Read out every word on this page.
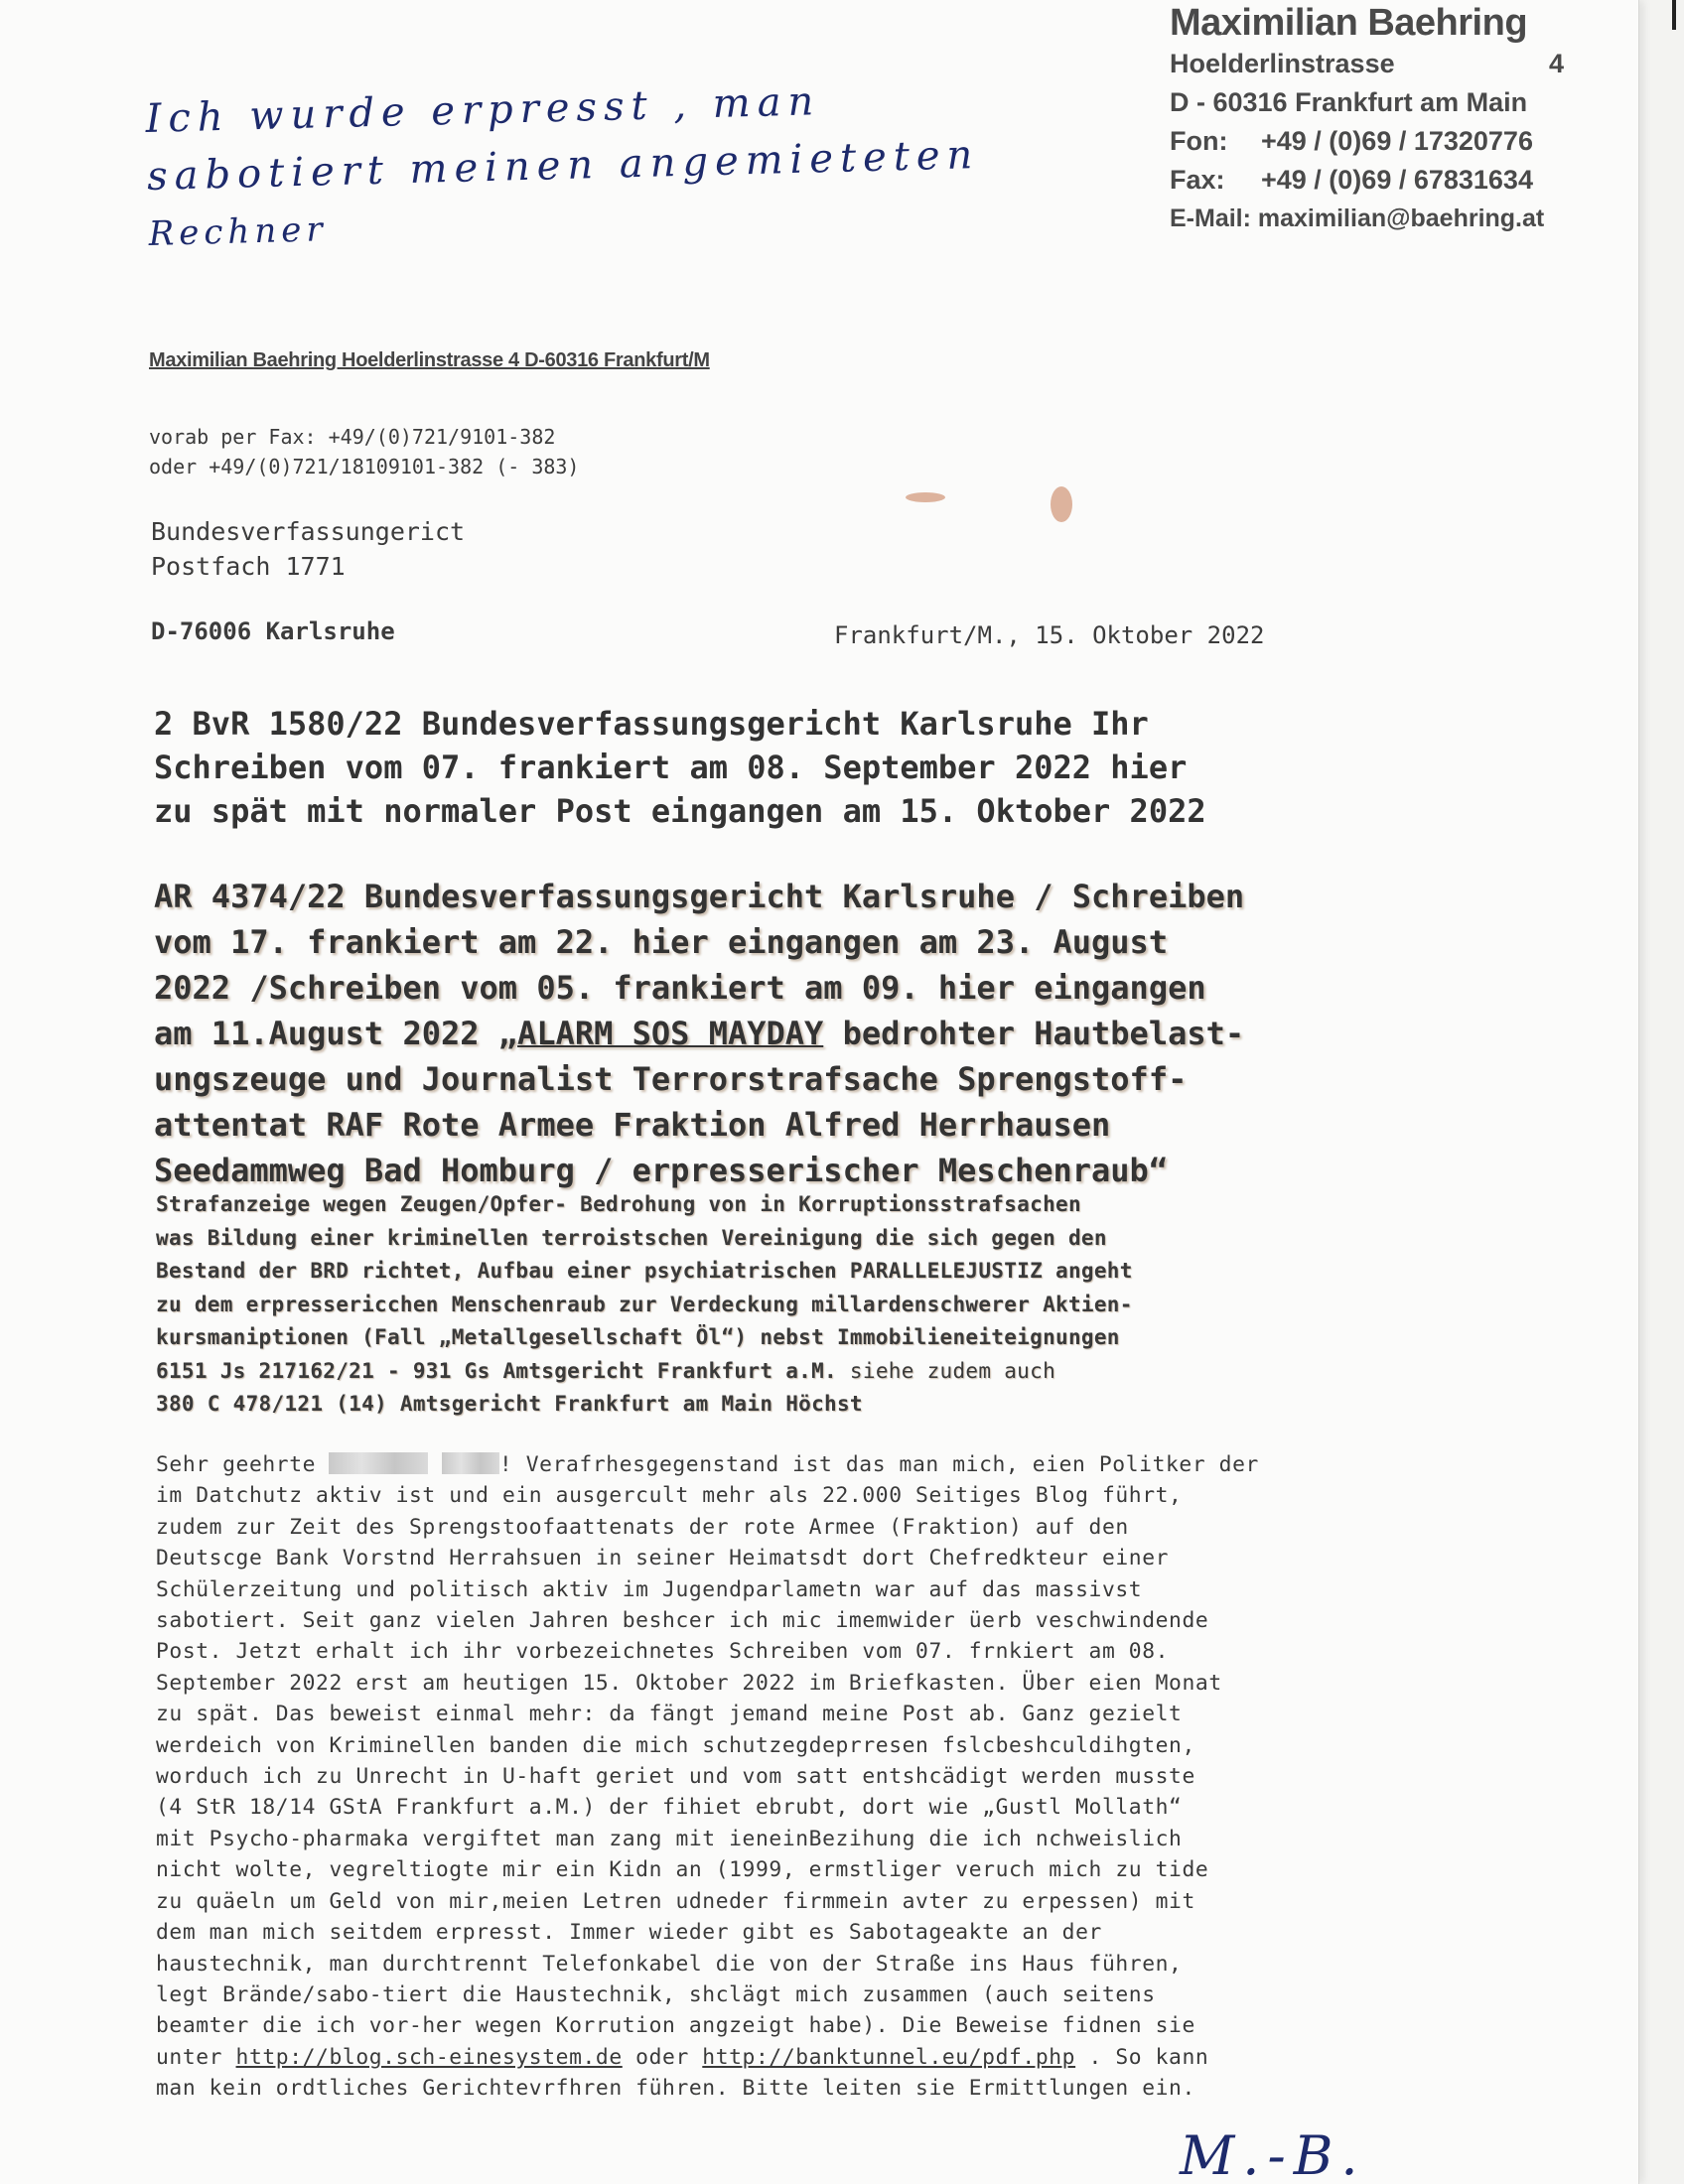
Ich wurde erpresst , man
sabotiert meinen angemieteten
Rechner
Maximilian Baehring
Hoelderlinstrasse	4
D - 60316 Frankfurt am Main
Fon: +49 / (0)69 / 17320776
Fax: +49 / (0)69 / 67831634
E-Mail: maximilian@baehring.at
Maximilian Baehring Hoelderlinstrasse 4 D-60316 Frankfurt/M
vorab per Fax: +49/(0)721/9101-382
oder +49/(0)721/18109101-382 (- 383)
Bundesverfassungerict
Postfach 1771
D-76006 Karlsruhe	Frankfurt/M., 15. Oktober 2022
2 BvR 1580/22 Bundesverfassungsgericht Karlsruhe Ihr
Schreiben vom 07. frankiert am 08. September 2022 hier
zu spät mit normaler Post eingangen am 15. Oktober 2022
AR 4374/22 Bundesverfassungsgericht Karlsruhe / Schreiben
vom 17. frankiert am 22. hier eingangen am 23. August
2022 /Schreiben vom 05. frankiert am 09. hier eingangen
am 11.August 2022 „ALARM SOS MAYDAY bedrohter Hautbelast-
ungszeuge und Journalist Terrorstrafsache Sprengstoff-
attentat RAF Rote Armee Fraktion Alfred Herrhausen
Seedammweg Bad Homburg / erpresserischer Meschenraub“
Strafanzeige wegen Zeugen/Opfer- Bedrohung von in Korruptionsstrafsachen
was Bildung einer kriminellen terroistschen Vereinigung die sich gegen den
Bestand der BRD richtet, Aufbau einer psychiatrischen PARALLELEJUSTIZ angeht
zu dem erpressericchen Menschenraub zur Verdeckung millardenschwerer Aktien-
kursmaniptionen (Fall „Metallgesellschaft Öl“) nebst Immobilieneiteignungen
6151 Js 217162/21 - 931 Gs Amtsgericht Frankfurt a.M. siehe zudem auch
380 C 478/121 (14) Amtsgericht Frankfurt am Main Höchst
Sehr geehrte	! Verafrhesgegenstand ist das man mich, eien Politker der
im Datchutz aktiv ist und ein ausgercult mehr als 22.000 Seitiges Blog führt,
zudem zur Zeit des Sprengstoofaattenats der rote Armee (Fraktion) auf den
Deutscge Bank Vorstnd Herrahsuen in seiner Heimatsdt dort Chefredkteur einer
Schülerzeitung und politisch aktiv im Jugendparlametn war auf das massivst
sabotiert. Seit ganz vielen Jahren beshcer ich mic imemwider üerb veschwindende
Post. Jetzt erhalt ich ihr vorbezeichnetes Schreiben vom 07. frnkiert am 08.
September 2022 erst am heutigen 15. Oktober 2022 im Briefkasten. Über eien Monat
zu spät. Das beweist einmal mehr: da fängt jemand meine Post ab. Ganz gezielt
werdeich von Kriminellen banden die mich schutzegdeprresen fslcbeshculdihgten,
worduch ich zu Unrecht in U-haft geriet und vom satt entshcädigt werden musste
(4 StR 18/14 GStA Frankfurt a.M.) der fihiet ebrubt, dort wie „Gustl Mollath“
mit Psycho-pharmaka vergiftet man zang mit ieneinBezihung die ich nchweislich
nicht wolte, vegreltiogte mir ein Kidn an (1999, ermstliger veruch mich zu tide
zu quäeln um Geld von mir,meien Letren udneder firmmein avter zu erpessen) mit
dem man mich seitdem erpresst. Immer wieder gibt es Sabotageakte an der
haustechnik, man durchtrennt Telefonkabel die von der Straße ins Haus führen,
legt Brände/sabo-tiert die Haustechnik, shclägt mich zusammen (auch seitens
beamter die ich vor-her wegen Korrution angzeigt habe). Die Beweise fidnen sie
unter http://blog.sch-einesystem.de oder http://banktunnel.eu/pdf.php . So kann
man kein ordtliches Gerichtevrfhren führen. Bitte leiten sie Ermittlungen ein.
M.-B.
